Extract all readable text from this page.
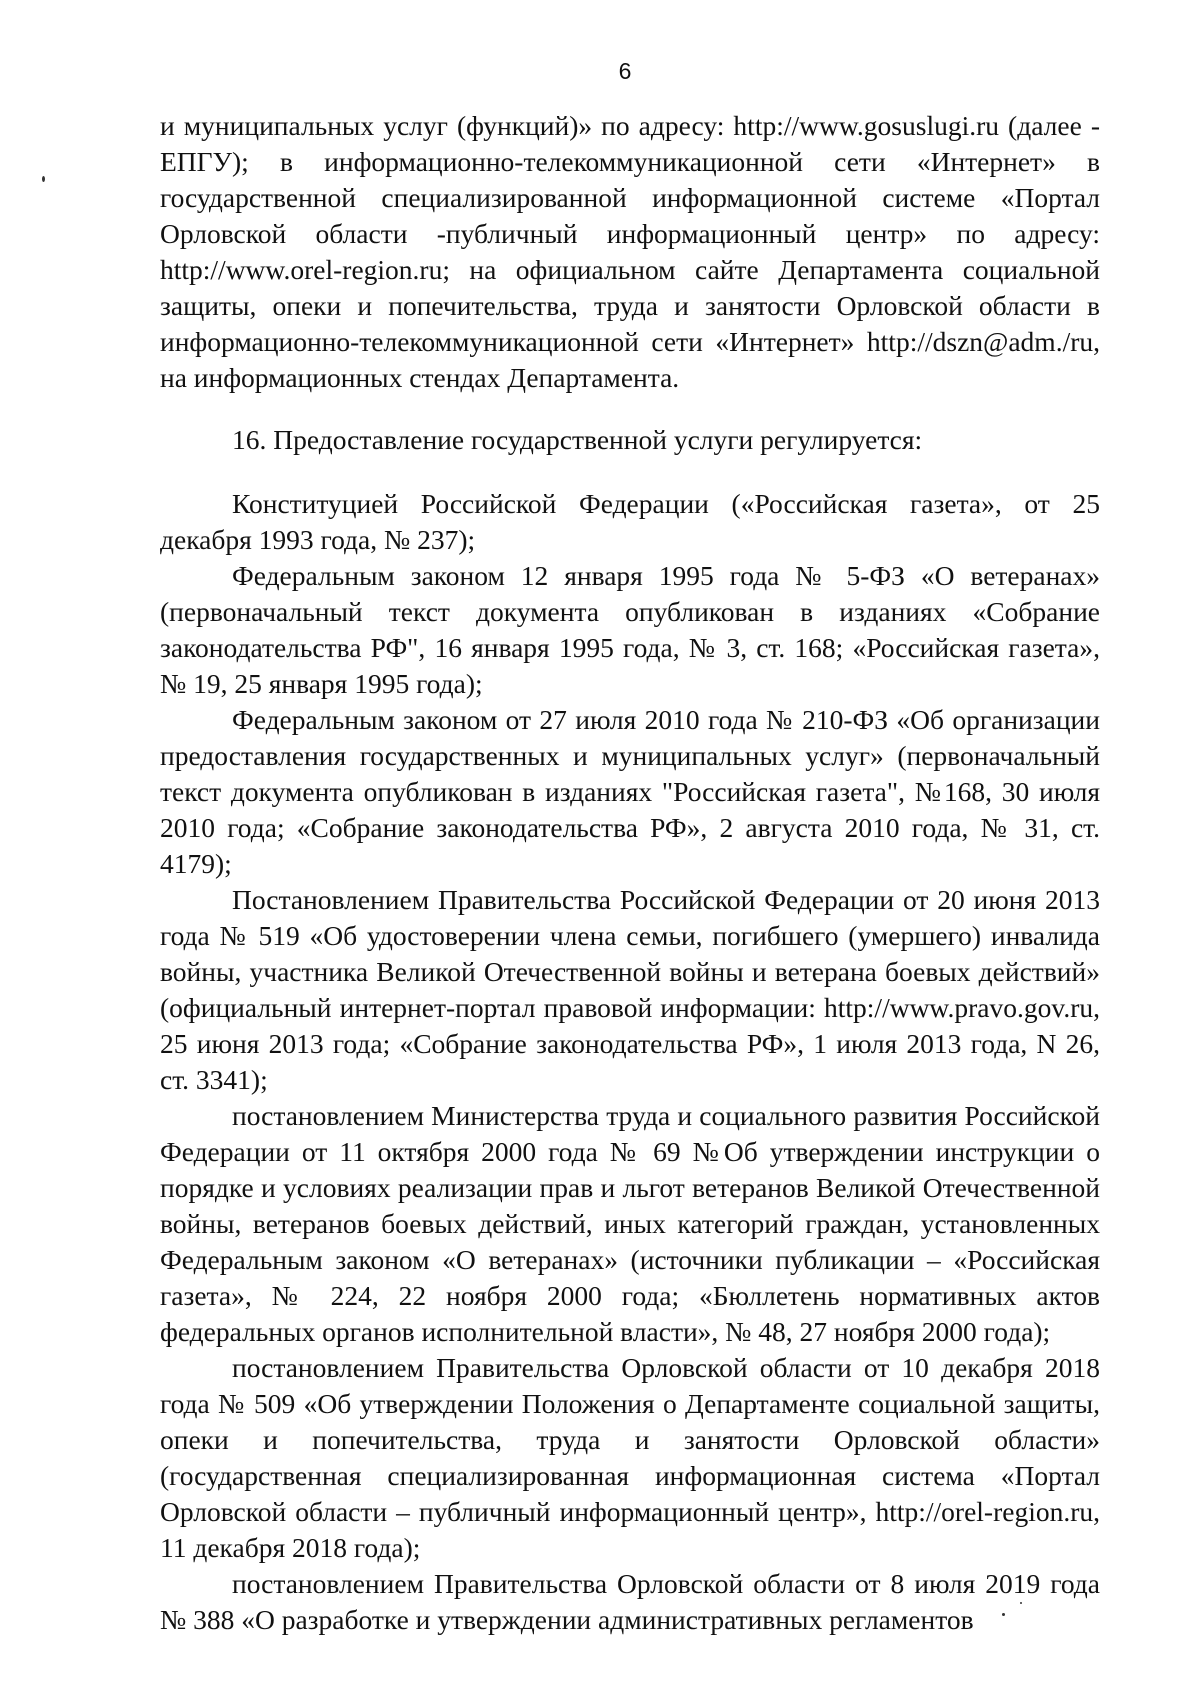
6

и муниципальных услуг (функций)» по адресу: http://www.gosuslugi.ru (далее - ЕПГУ); в информационно-телекоммуникационной сети «Интернет» в государственной специализированной информационной системе «Портал Орловской области -публичный информационный центр» по адресу: http://www.orel-region.ru; на официальном сайте Департамента социальной защиты, опеки и попечительства, труда и занятости Орловской области в информационно-телекоммуникационной сети «Интернет» http://dszn@adm./ru, на информационных стендах Департамента.

16. Предоставление государственной услуги регулируется:

Конституцией Российской Федерации («Российская газета», от 25 декабря 1993 года, № 237);

Федеральным законом 12 января 1995 года № 5-ФЗ «О ветеранах» (первоначальный текст документа опубликован в изданиях «Собрание законодательства РФ", 16 января 1995 года, № 3, ст. 168; «Российская газета», № 19, 25 января 1995 года);

Федеральным законом от 27 июля 2010 года № 210-ФЗ «Об организации предоставления государственных и муниципальных услуг» (первоначальный текст документа опубликован в изданиях "Российская газета", №168, 30 июля 2010 года; «Собрание законодательства РФ», 2 августа 2010 года, № 31, ст. 4179);

Постановлением Правительства Российской Федерации от 20 июня 2013 года № 519 «Об удостоверении члена семьи, погибшего (умершего) инвалида войны, участника Великой Отечественной войны и ветерана боевых действий» (официальный интернет-портал правовой информации: http://www.pravo.gov.ru, 25 июня 2013 года; «Собрание законодательства РФ», 1 июля 2013 года, N 26, ст. 3341);

постановлением Министерства труда и социального развития Российской Федерации от 11 октября 2000 года № 69 №Об утверждении инструкции о порядке и условиях реализации прав и льгот ветеранов Великой Отечественной войны, ветеранов боевых действий, иных категорий граждан, установленных Федеральным законом «О ветеранах» (источники публикации – «Российская газета», № 224, 22 ноября 2000 года; «Бюллетень нормативных актов федеральных органов исполнительной власти», № 48, 27 ноября 2000 года);

постановлением Правительства Орловской области от 10 декабря 2018 года № 509 «Об утверждении Положения о Департаменте социальной защиты, опеки и попечительства, труда и занятости Орловской области» (государственная специализированная информационная система «Портал Орловской области – публичный информационный центр», http://orel-region.ru, 11 декабря 2018 года);

постановлением Правительства Орловской области от 8 июля 2019 года № 388 «О разработке и утверждении административных регламентов
